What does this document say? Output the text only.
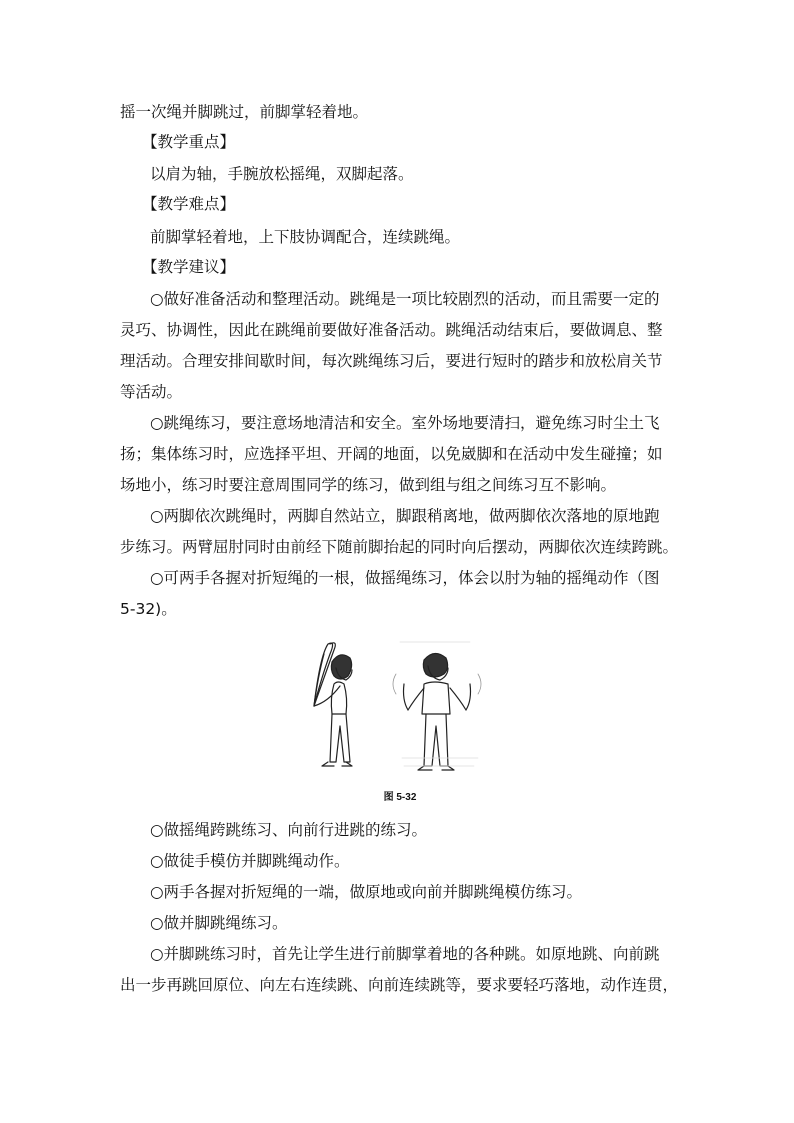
摇一次绳并脚跳过，前脚掌轻着地。
【教学重点】
以肩为轴，手腕放松摇绳，双脚起落。
【教学难点】
前脚掌轻着地，上下肢协调配合，连续跳绳。
【教学建议】
○做好准备活动和整理活动。跳绳是一项比较剧烈的活动，而且需要一定的
灵巧、协调性，因此在跳绳前要做好准备活动。跳绳活动结束后，要做调息、整
理活动。合理安排间歇时间，每次跳绳练习后，要进行短时的踏步和放松肩关节
等活动。
○跳绳练习，要注意场地清洁和安全。室外场地要清扫，避免练习时尘土飞
扬；集体练习时，应选择平坦、开阔的地面，以免崴脚和在活动中发生碰撞；如
场地小，练习时要注意周围同学的练习，做到组与组之间练习互不影响。
○两脚依次跳绳时，两脚自然站立，脚跟稍离地，做两脚依次落地的原地跑
步练习。两臂屈肘同时由前经下随前脚抬起的同时向后摆动，两脚依次连续跨跳。
○可两手各握对折短绳的一根，做摇绳练习，体会以肘为轴的摇绳动作（图
5-32)。
图 5-32
○做摇绳跨跳练习、向前行进跳的练习。
○做徒手模仿并脚跳绳动作。
○两手各握对折短绳的一端，做原地或向前并脚跳绳模仿练习。
○做并脚跳绳练习。
○并脚跳练习时，首先让学生进行前脚掌着地的各种跳。如原地跳、向前跳
出一步再跳回原位、向左右连续跳、向前连续跳等，要求要轻巧落地，动作连贯，
